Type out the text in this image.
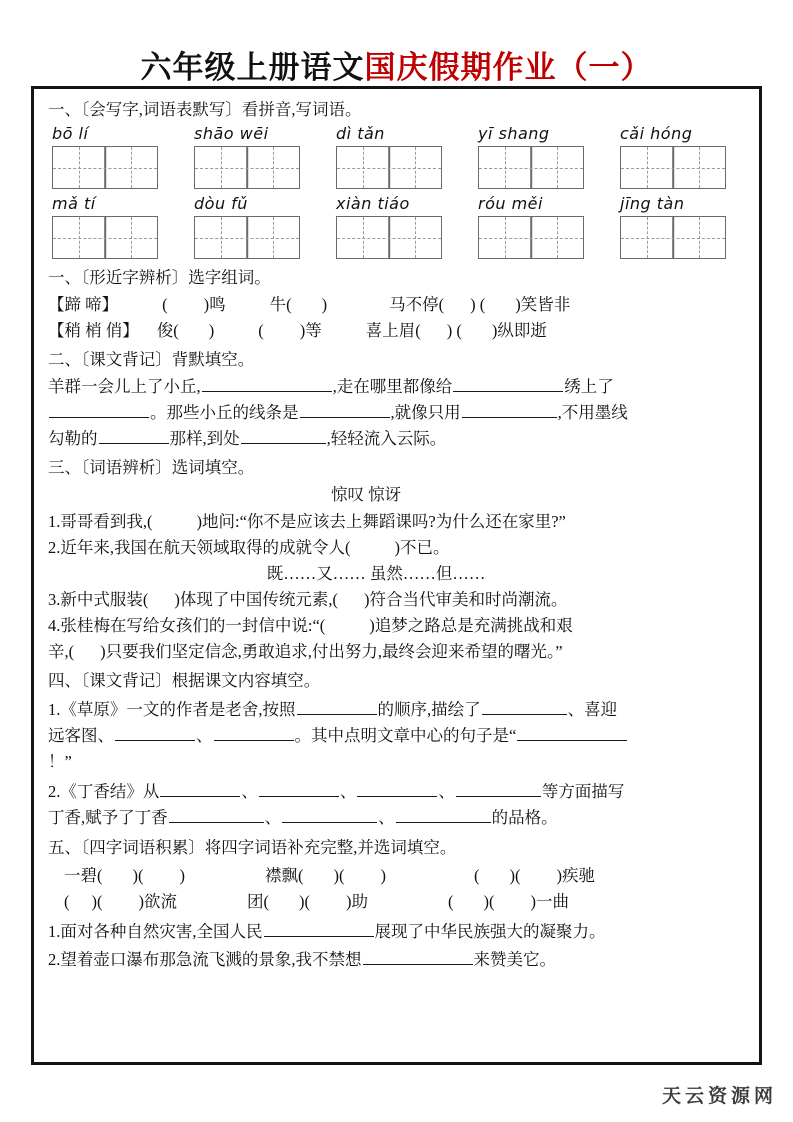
六年级上册语文国庆假期作业（一）
一、〔会写字,词语表默写〕看拼音,写词语。
bō lí	shāo wēi	dì tǎn	yī shang	cǎi hóng
mǎ tí	dòu fǔ	xiàn tiáo	róu měi	jīng tàn
一、〔形近字辨析〕选字组词。
【蹄 啼】	( )鸣	牛( )	马不停( ) ( )笑皆非
【稍 梢 俏】 俊( )	( )等	喜上眉( ) ( )纵即逝
二、〔课文背记〕背默填空。
羊群一会儿上了小丘,	,走在哪里都像给	绣上了
。那些小丘的线条是	,就像只用	,不用墨线
勾勒的	那样,到处	,轻轻流入云际。
三、〔词语辨析〕选词填空。
惊叹 惊讶
1.哥哥看到我,(	)地问:“你不是应该去上舞蹈课吗?为什么还在家里?”
2.近年来,我国在航天领域取得的成就令人(	)不已。
既……又…… 虽然……但……
3.新中式服装( )体现了中国传统元素,( )符合当代审美和时尚潮流。
4.张桂梅在写给女孩们的一封信中说:“(	)追梦之路总是充满挑战和艰
辛,( )只要我们坚定信念,勇敢追求,付出努力,最终会迎来希望的曙光。”
四、〔课文背记〕根据课文内容填空。
1.《草原》一文的作者是老舍,按照	的顺序,描绘了	、喜迎
远客图、	、	。其中点明文章中心的句子是“
！”
2.《丁香结》从	、	、	、	等方面描写
丁香,赋予了丁香	、	、	的品格。
五、〔四字词语积累〕将四字词语补充完整,并选词填空。
一碧( )( )	襟飘( )( )	( )( )疾驰
( )( )欲流	团( )( )助	( )( )一曲
1.面对各种自然灾害,全国人民	展现了中华民族强大的凝聚力。
2.望着壶口瀑布那急流飞溅的景象,我不禁想	来赞美它。
天云资源网
